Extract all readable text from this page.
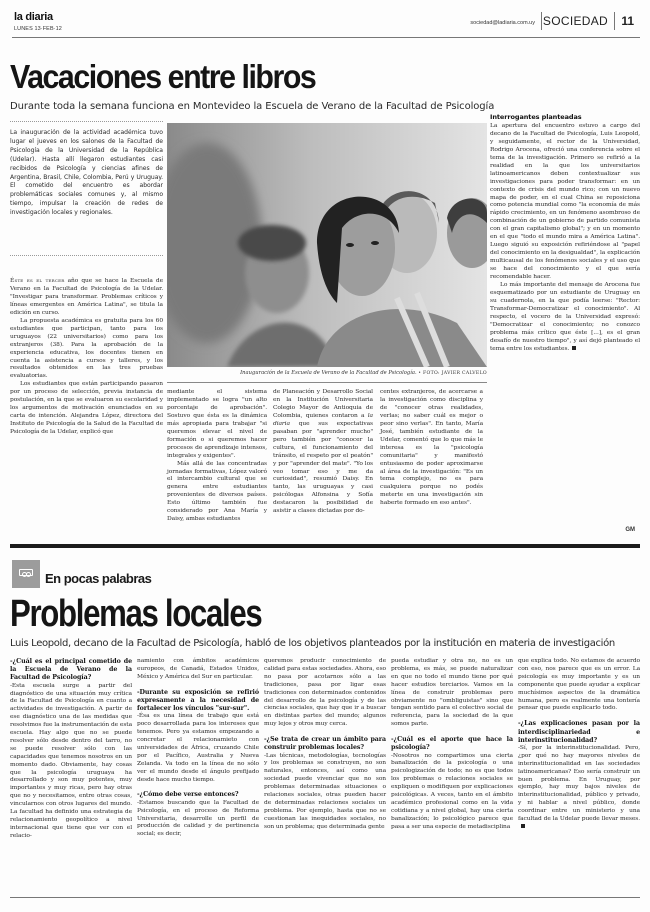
la diaria
LUNES 13·FEB·12
sociedad@ladiaria.com.uy SOCIEDAD 11
Vacaciones entre libros
Durante toda la semana funciona en Montevideo la Escuela de Verano de la Facultad de Psicología

La inauguración de la actividad académica tuvo lugar el jueves en los salones de la Facultad de Psicología de la Universidad de la República (Udelar). Hasta allí llegaron estudiantes casi recibidos de Psicología y ciencias afines de Argentina, Brasil, Chile, Colombia, Perú y Uruguay. El cometido del encuentro es abordar problemáticas sociales comunes y, al mismo tiempo, impulsar la creación de redes de investigación locales y regionales.

Éste es el tercer año que se hace la Escuela de Verano en la Facultad de Psicología de la Udelar. "Investigar para transformar. Problemas críticos y líneas emergentes en América Latina", se titula la edición en curso.

La propuesta académica es gratuita para los 60 estudiantes que participan, tanto para los uruguayos (22 universitarios) como para los extranjeros (38). Para la aprobación de la experiencia educativa, los docentes tienen en cuenta la asistencia a cursos y talleres, y los resultados obtenidos en las tres pruebas evaluatorias.

Los estudiantes que están participando pasaron por un proceso de selección, previa instancia de postulación, en la que se evaluaron su escolaridad y los argumentos de motivación enunciados en su carta de intención. Alejandra López, directora del Instituto de Psicología de la Salud de la Facultad de Psicología de la Udelar, explicó que

Inauguración de la Escuela de Verano de la Facultad de Psicología. • FOTO: JAVIER CALVELO

mediante el sistema implementado se logra "un alto porcentaje de aprobación". Sostuvo que ésta es la dinámica más apropiada para trabajar "si queremos elevar el nivel de formación o si queremos hacer procesos de aprendizaje intensos, integrales y exigentes".

Más allá de las concentradas jornadas formativas, López valoró el intercambio cultural que se genera entre estudiantes provenientes de diversos países. Esto último también fue considerado por Ana María y Daisy, ambas estudiantes

de Planeación y Desarrollo Social en la Institución Universitaria Colegio Mayor de Antioquia de Colombia, quienes contaron a la diaria que sus expectativas pasaban por "aprender mucho" pero también por "conocer la cultura, el funcionamiento del tránsito, el respeto por el peatón" y por "aprender del mate". "Yo los veo tomar eso y me da curiosidad", resumió Daisy. En tanto, las uruguayas y casi psicólogas Alfonsina y Sofía destacaron la posibilidad de asistir a clases dictadas por do-

centes extranjeros, de acercarse a la investigación como disciplina y de "conocer otras realidades, verlas; no saber cuál es mejor o peor sino verlas". En tanto, María José, también estudiante de la Udelar, comentó que lo que más le interesa es la "psicología comunitaria" y manifestó entusiasmo de poder aproximarse al área de la investigación: "Es un tema complejo, no es para cualquiera porque no podés meterte en una investigación sin haberte formado en eso antes".

Interrogantes planteadas

La apertura del encuentro estuvo a cargo del decano de la Facultad de Psicología, Luis Leopold, y seguidamente, el rector de la Universidad, Rodrigo Arocena, ofreció una conferencia sobre el tema de la investigación. Primero se refirió a la realidad en la que los universitarios latinoamericanos deben contextualizar sus investigaciones para poder transformar: en un contexto de crisis del mundo rico; con un nuevo mapa de poder, en el cual China se reposiciona como potencia mundial como "la economía de más rápido crecimiento, en un fenómeno asombroso de combinación de un gobierno de partido comunista con el gran capitalismo global"; y en un momento en el que "todo el mundo mira a América Latina". Luego siguió su exposición refiriéndose al "papel del conocimiento en la desigualdad", la explicación multicausal de los fenómenos sociales y el uso que se hace del conocimiento y el que sería recomendable hacer.

Lo más importante del mensaje de Arocena fue esquematizado por un estudiante de Uruguay en su cuadernola, en la que podía leerse: "Rector: Transformar-Democratizar el conocimiento". Al respecto, el vocero de la Universidad expresó: "Democratizar el conocimiento; no conozco problema más crítico que éste [...], es el gran desafío de nuestro tiempo", y así dejó planteado el tema entre los estudiantes.

GM
En pocas palabras
Problemas locales
Luis Leopold, decano de la Facultad de Psicología, habló de los objetivos planteados por la institución en materia de investigación

-¿Cuál es el principal cometido de la Escuela de Verano de la Facultad de Psicología?

-Esta escuela surge a partir del diagnóstico de una situación muy crítica de la Facultad de Psicología en cuanto a actividades de investigación. A partir de ese diagnóstico una de las medidas que resolvimos fue la instrumentación de esta escuela. Hay algo que no se puede resolver sólo desde dentro del tarro, no se puede resolver sólo con las capacidades que tenemos nosotros en un momento dado. Obviamente, hay cosas que la psicología uruguaya ha desarrollado y son muy potentes, muy importantes y muy ricas, pero hay otras que no y necesitamos, entre otras cosas, vincularnos con otros lugares del mundo. La facultad ha definido una estrategia de relacionamiento geopolítico a nivel internacional que tiene que ver con el relacio-

namiento con ámbitos académicos europeos, de Canadá, Estados Unidos, México y América del Sur en particular.

-Durante su exposición se refirió expresamente a la necesidad de fortalecer los vínculos "sur-sur".

-Ésa es una línea de trabajo que está poco desarrollada para los intereses que tenemos. Pero ya estamos empezando a concretar el relacionamieto con universidades de África, cruzando Chile por el Pacífico, Australia y Nueva Zelanda. Va todo en la línea de no sólo ver el mundo desde el ángulo prefijado desde hace mucho tiempo.

-¿Cómo debe verse entonces?

-Estamos buscando que la Facultad de Psicología, en el proceso de Reforma Universitaria, desarrolle un perfil de producción de calidad y de pertinencia social; es decir,

queremos producir conocimiento de calidad para estas sociedades. Ahora, eso no pasa por acotarnos sólo a las tradiciones, pasa por ligar esas tradiciones con determinados contenidos del desarrollo de la psicología y de las ciencias sociales, que hay que ir a buscar en distintas partes del mundo; algunos muy lejos y otros muy cerca.

-¿Se trata de crear un ámbito para construir problemas locales?

-Las técnicas, metodologías, tecnologías y los problemas se construyen, no son naturales, entonces, así como una sociedad puede vivenciar que no son problemas determinadas situaciones o relaciones sociales, otras pueden hacer de determinadas relaciones sociales un problema. Por ejemplo, hasta que no se cuestionan las inequidades sociales, no son un problema; que determinada gente

pueda estudiar y otra no, no es un problema, es más, se puede naturalizar en que no todo el mundo tiene por qué hacer estudios terciarios. Vamos en la línea de construir problemas pero obviamente no "ombliguistas" sino que tengan sentido para el colectivo social de referencia, para la sociedad de la que somos parte.

-¿Cuál es el aporte que hace la psicología?

-Nosotros no compartimos una cierta banalización de la psicología o una psicologización de todo; no es que todos los problemas o relaciones sociales se expliquen o modifiquen por explicaciones psicológicas. A veces, tanto en el ámbito académico profesional como en la vida cotidiana y a nivel global, hay una cierta banalización; lo psicológico parece que pasa a ser una especie de metadisciplina

que explica todo. No estamos de acuerdo con eso, nos parece que es un error. La psicología es muy importante y es un componente que puede ayudar a explicar muchísimos aspectos de la dramática humana, pero es realmente una tontería pensar que puede explicarlo todo.

-¿Las explicaciones pasan por la interdisciplinariedad e interinstitucionalidad?

-Sí, por la interinstitucionalidad. Pero, ¿por qué no hay mayores niveles de interinstitucionalidad en las sociedades latinoamericanas? Eso sería construir un buen problema. En Uruguay, por ejemplo, hay muy bajos niveles de interinstitucionalidad, público y privado, y ni hablar a nivel público, donde coordinar entre un ministerio y una facultad de la Udelar puede llevar meses.
